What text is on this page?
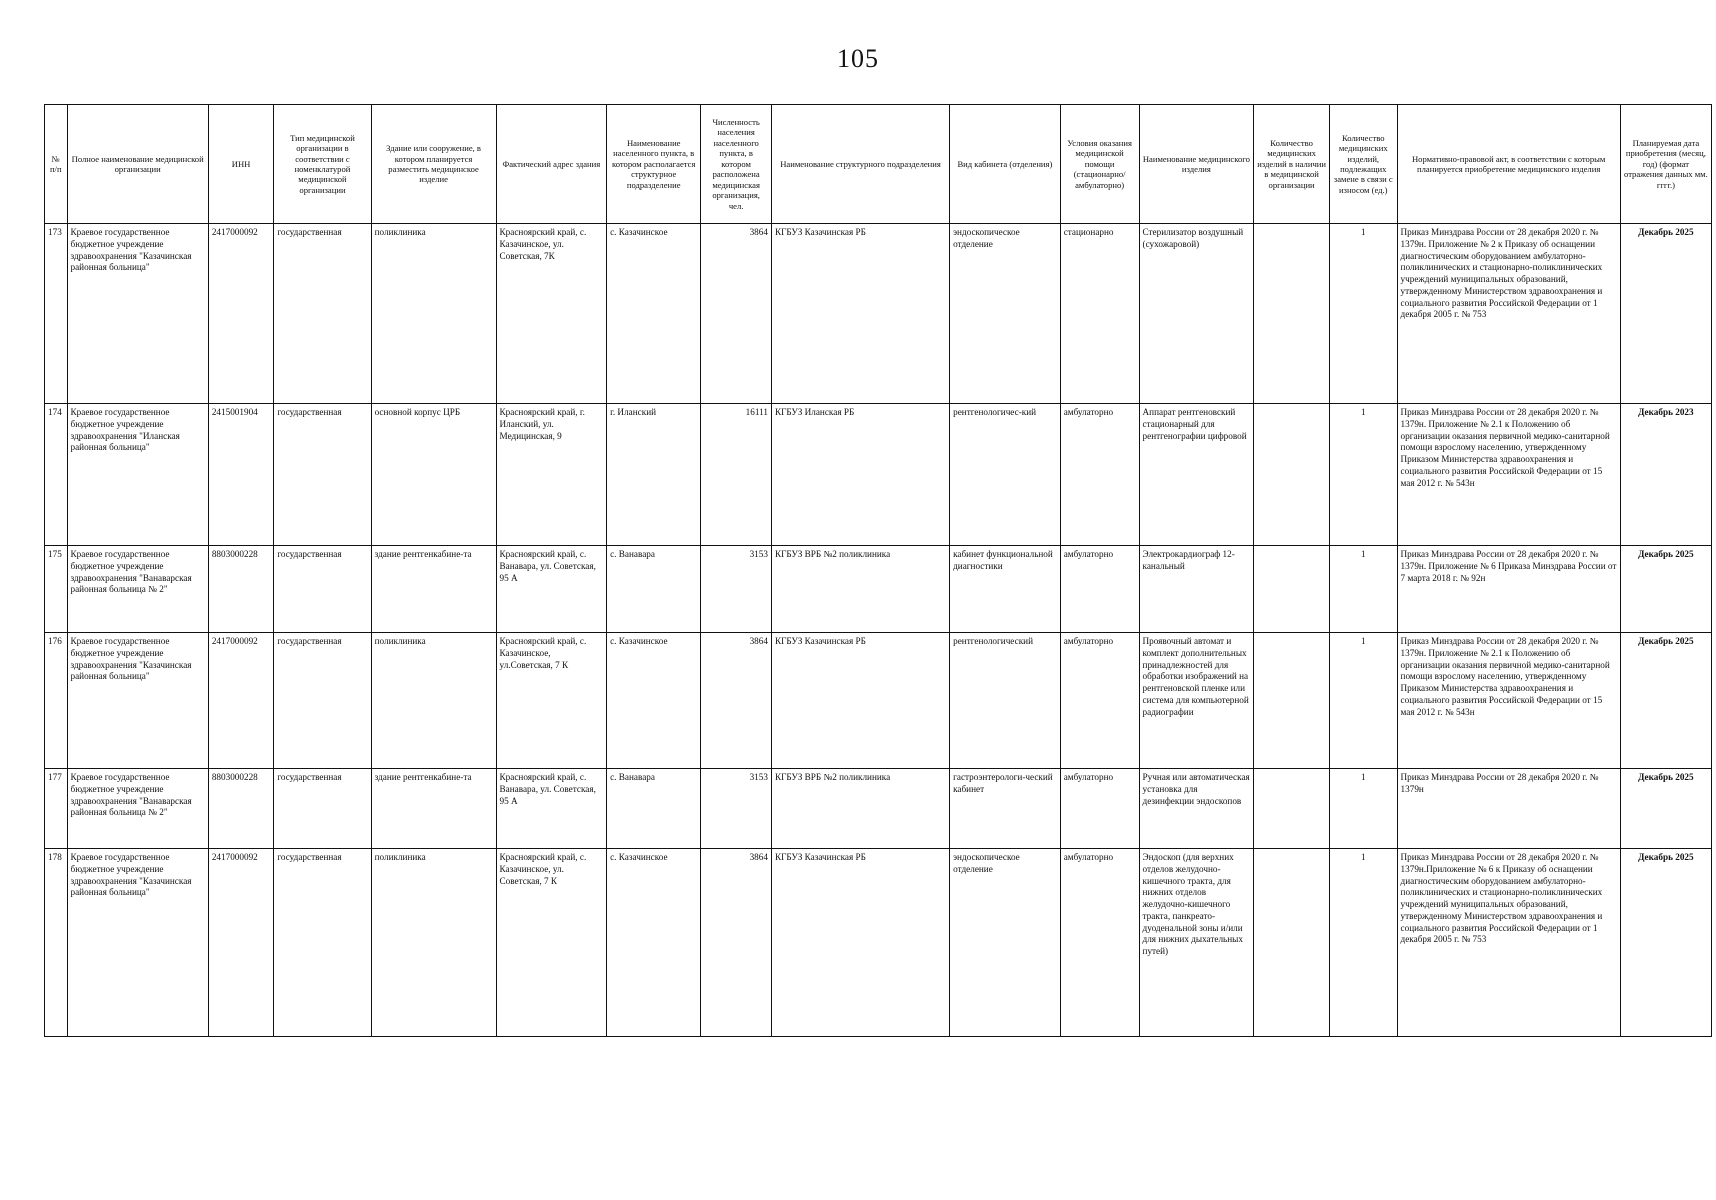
105
№ п/п	Полное наименование медицинской организации	ИНН	Тип медицинской организации в соответствии с номенклатурой медицинской организации	Здание или сооружение, в котором планируется разместить медицинское изделие	Фактический адрес здания	Наименование населенного пункта, в котором располагается структурное подразделение	Численность населения населенного пункта, в котором расположена медицинская организация, чел.	Наименование структурного подразделения	Вид кабинета (отделения)	Условия оказания медицинской помощи (стационарно/ амбулаторно)	Наименование медицинского изделия	Количество медицинских изделий в наличии в медицинской организации	Количество медицинских изделий, подлежащих замене в связи с износом (ед.)	Нормативно-правовой акт, в соответствии с которым планируется приобретение медицинского изделия	Планируемая дата приобретения (месяц, год) (формат отражения данных мм. гггг.)
173	Краевое государственное бюджетное учреждение здравоохранения "Казачинская районная больница"	2417000092	государственная	поликлиника	Красноярский край, с. Казачинское, ул. Советская, 7К	с. Казачинское	3864	КГБУЗ Казачинская РБ	эндоскопическое отделение	стационарно	Стерилизатор воздушный (сухожаровой)		1	Приказ Минздрава России от 28 декабря 2020 г. № 1379н. Приложение № 2 к Приказу об оснащении диагностическим оборудованием амбулаторно-поликлинических и стационарно-поликлинических учреждений муниципальных образований, утвержденному Министерством здравоохранения и социального развития Российской Федерации от 1 декабря 2005 г. № 753	Декабрь 2025
174	Краевое государственное бюджетное учреждение здравоохранения "Иланская районная больница"	2415001904	государственная	основной корпус ЦРБ	Красноярский край, г. Иланский, ул. Медицинская, 9	г. Иланский	16111	КГБУЗ Иланская РБ	рентгенологичес-кий	амбулаторно	Аппарат рентгеновский стационарный для рентгенографии цифровой		1	Приказ Минздрава России от 28 декабря 2020 г. № 1379н. Приложение № 2.1 к Положению об организации оказания первичной медико-санитарной помощи взрослому населению, утвержденному Приказом Министерства здравоохранения и социального развития Российской Федерации от 15 мая 2012 г. № 543н	Декабрь 2023
175	Краевое государственное бюджетное учреждение здравоохранения "Ванаварская районная больница № 2"	8803000228	государственная	здание рентгенкабине-та	Красноярский край, с. Ванавара, ул. Советская, 95 А	с. Ванавара	3153	КГБУЗ ВРБ №2 поликлиника	кабинет функциональной диагностики	амбулаторно	Электрокардиограф 12-канальный		1	Приказ Минздрава России от 28 декабря 2020 г. № 1379н. Приложение № 6 Приказа Минздрава России от 7 марта 2018 г. № 92н	Декабрь 2025
176	Краевое государственное бюджетное учреждение здравоохранения "Казачинская районная больница"	2417000092	государственная	поликлиника	Красноярский край, с. Казачинское, ул.Советская, 7 К	с. Казачинское	3864	КГБУЗ Казачинская РБ	рентгенологический	амбулаторно	Проявочный автомат и комплект дополнительных принадлежностей для обработки изображений на рентгеновской пленке или система для компьютерной радиографии		1	Приказ Минздрава России от 28 декабря 2020 г. № 1379н. Приложение № 2.1 к Положению об организации оказания первичной медико-санитарной помощи взрослому населению, утвержденному Приказом Министерства здравоохранения и социального развития Российской Федерации от 15 мая 2012 г. № 543н	Декабрь 2025
177	Краевое государственное бюджетное учреждение здравоохранения "Ванаварская районная больница № 2"	8803000228	государственная	здание рентгенкабине-та	Красноярский край, с. Ванавара, ул. Советская, 95 А	с. Ванавара	3153	КГБУЗ ВРБ №2 поликлиника	гастроэнтерологи-ческий кабинет	амбулаторно	Ручная или автоматическая установка для дезинфекции эндоскопов		1	Приказ Минздрава России от 28 декабря 2020 г. № 1379н	Декабрь 2025
178	Краевое государственное бюджетное учреждение здравоохранения "Казачинская районная больница"	2417000092	государственная	поликлиника	Красноярский край, с. Казачинское, ул. Советская, 7 К	с. Казачинское	3864	КГБУЗ Казачинская РБ	эндоскопическое отделение	амбулаторно	Эндоскоп (для верхних отделов желудочно-кишечного тракта, для нижних отделов желудочно-кишечного тракта, панкреато-дуоденальной зоны и/или для нижних дыхательных путей)		1	Приказ Минздрава России от 28 декабря 2020 г. № 1379н.Приложение № 6 к Приказу об оснащении диагностическим оборудованием амбулаторно-поликлинических и стационарно-поликлинических учреждений муниципальных образований, утвержденному Министерством здравоохранения и социального развития Российской Федерации от 1 декабря 2005 г. № 753	Декабрь 2025
